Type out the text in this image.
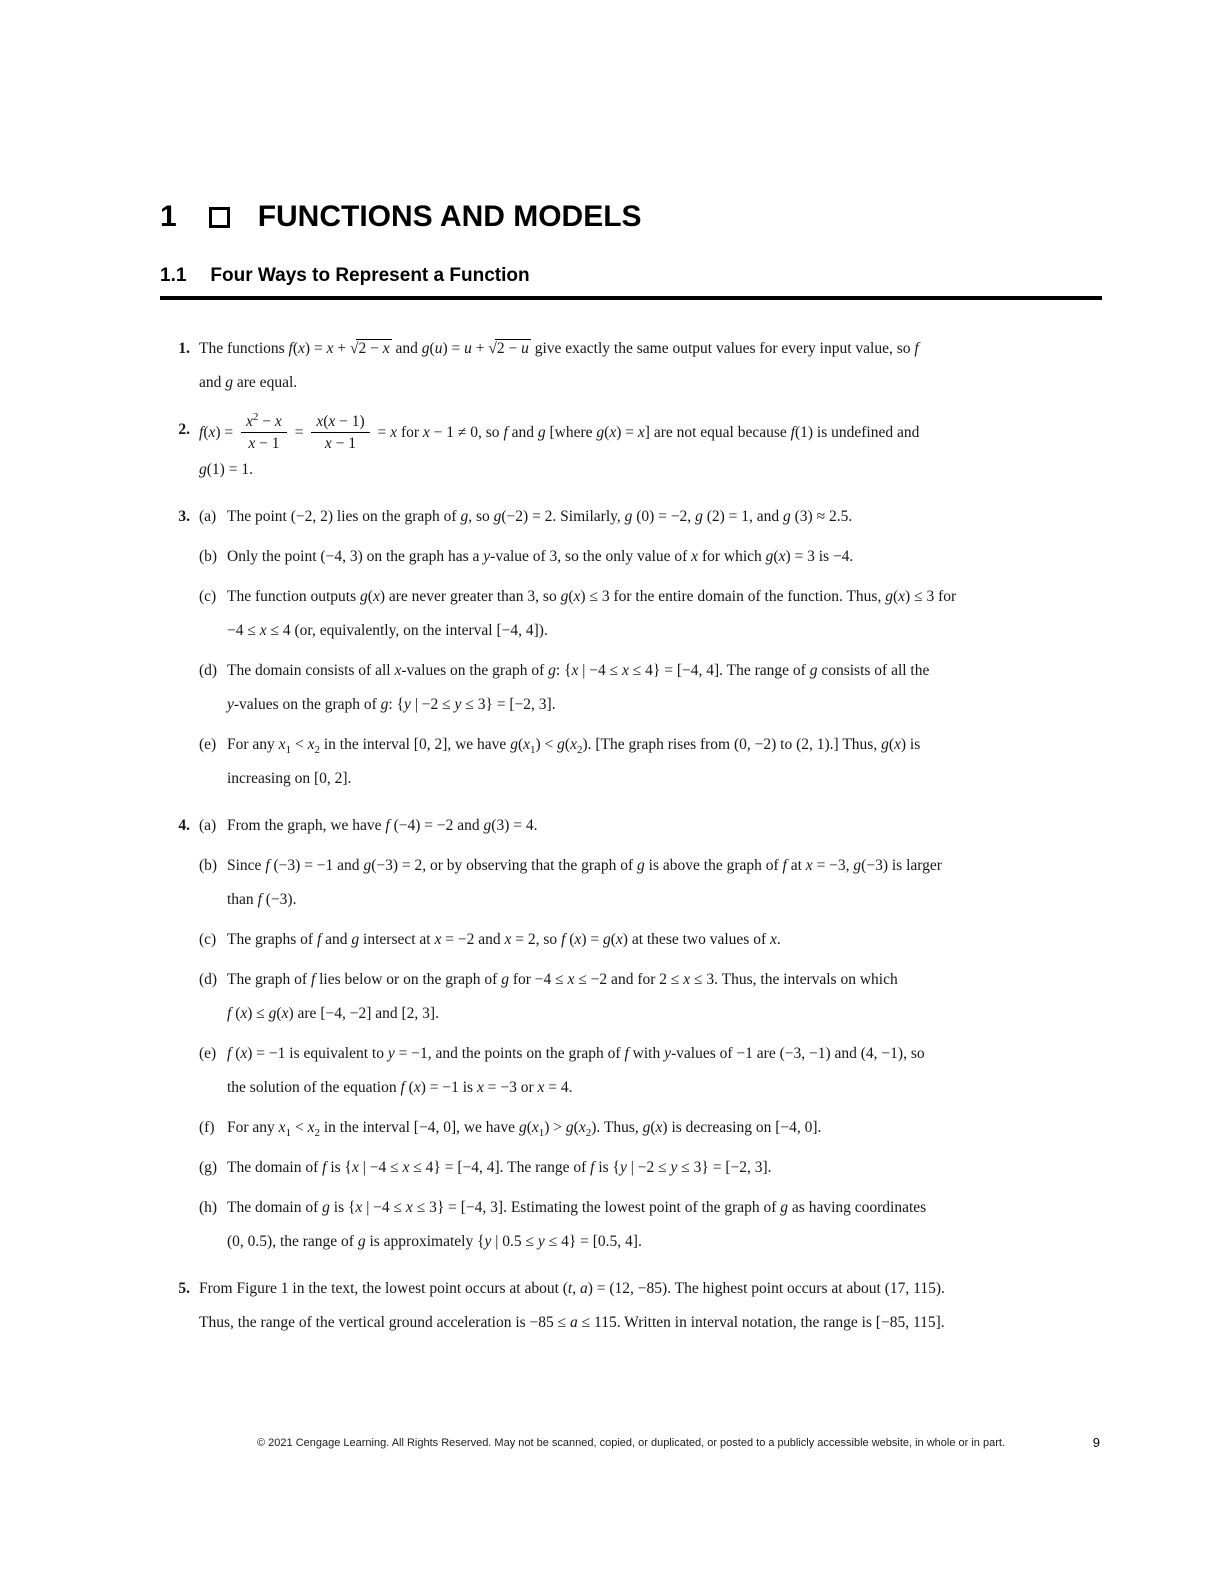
1	FUNCTIONS AND MODELS
1.1 Four Ways to Represent a Function
1. The functions f(x) = x + √2 − x and g(u) = u + √2 − u give exactly the same output values for every input value, so f
and g are equal.
2. $f(x) = \frac{x^2 - x}{x - 1} = \frac{x(x - 1)}{x - 1} = x$ for x − 1 ≠ 0, so f and g [where g(x) = x] are not equal because f(1) is undefined and
g(1) = 1.
3. (a) The point (−2, 2) lies on the graph of g, so g(−2) = 2. Similarly, g (0) = −2, g (2) = 1, and g (3) ≈ 2.5.
(b) Only the point (−4, 3) on the graph has a y-value of 3, so the only value of x for which g(x) = 3 is −4.
(c) The function outputs g(x) are never greater than 3, so g(x) ≤ 3 for the entire domain of the function. Thus, g(x) ≤ 3 for
−4 ≤ x ≤ 4 (or, equivalently, on the interval [−4, 4]).
(d) The domain consists of all x-values on the graph of g: {x | −4 ≤ x ≤ 4} = [−4, 4]. The range of g consists of all the
y-values on the graph of g: {y | −2 ≤ y ≤ 3} = [−2, 3].
(e) For any $x_1 < x_2$ in the interval [0, 2], we have $g(x_1) < g(x_2)$. [The graph rises from (0, −2) to (2, 1).] Thus, g(x) is
increasing on [0, 2].
4. (a) From the graph, we have f (−4) = −2 and g(3) = 4.
(b) Since f (−3) = −1 and g(−3) = 2, or by observing that the graph of g is above the graph of f at x = −3, g(−3) is larger
than f (−3).
(c) The graphs of f and g intersect at x = −2 and x = 2, so f (x) = g(x) at these two values of x.
(d) The graph of f lies below or on the graph of g for −4 ≤ x ≤ −2 and for 2 ≤ x ≤ 3. Thus, the intervals on which
f (x) ≤ g(x) are [−4, −2] and [2, 3].
(e) f (x) = −1 is equivalent to y = −1, and the points on the graph of f with y-values of −1 are (−3, −1) and (4, −1), so
the solution of the equation f (x) = −1 is x = −3 or x = 4.
(f) For any $x_1 < x_2$ in the interval [−4, 0], we have $g(x_1) > g(x_2)$. Thus, g(x) is decreasing on [−4, 0].
(g) The domain of f is {x | −4 ≤ x ≤ 4} = [−4, 4]. The range of f is {y | −2 ≤ y ≤ 3} = [−2, 3].
(h) The domain of g is {x | −4 ≤ x ≤ 3} = [−4, 3]. Estimating the lowest point of the graph of g as having coordinates
(0, 0.5), the range of g is approximately {y | 0.5 ≤ y ≤ 4} = [0.5, 4].
5. From Figure 1 in the text, the lowest point occurs at about (t, a) = (12, −85). The highest point occurs at about (17, 115).
Thus, the range of the vertical ground acceleration is −85 ≤ a ≤ 115. Written in interval notation, the range is [−85, 115].
© 2021 Cengage Learning. All Rights Reserved. May not be scanned, copied, or duplicated, or posted to a publicly accessible website, in whole or in part.	9
